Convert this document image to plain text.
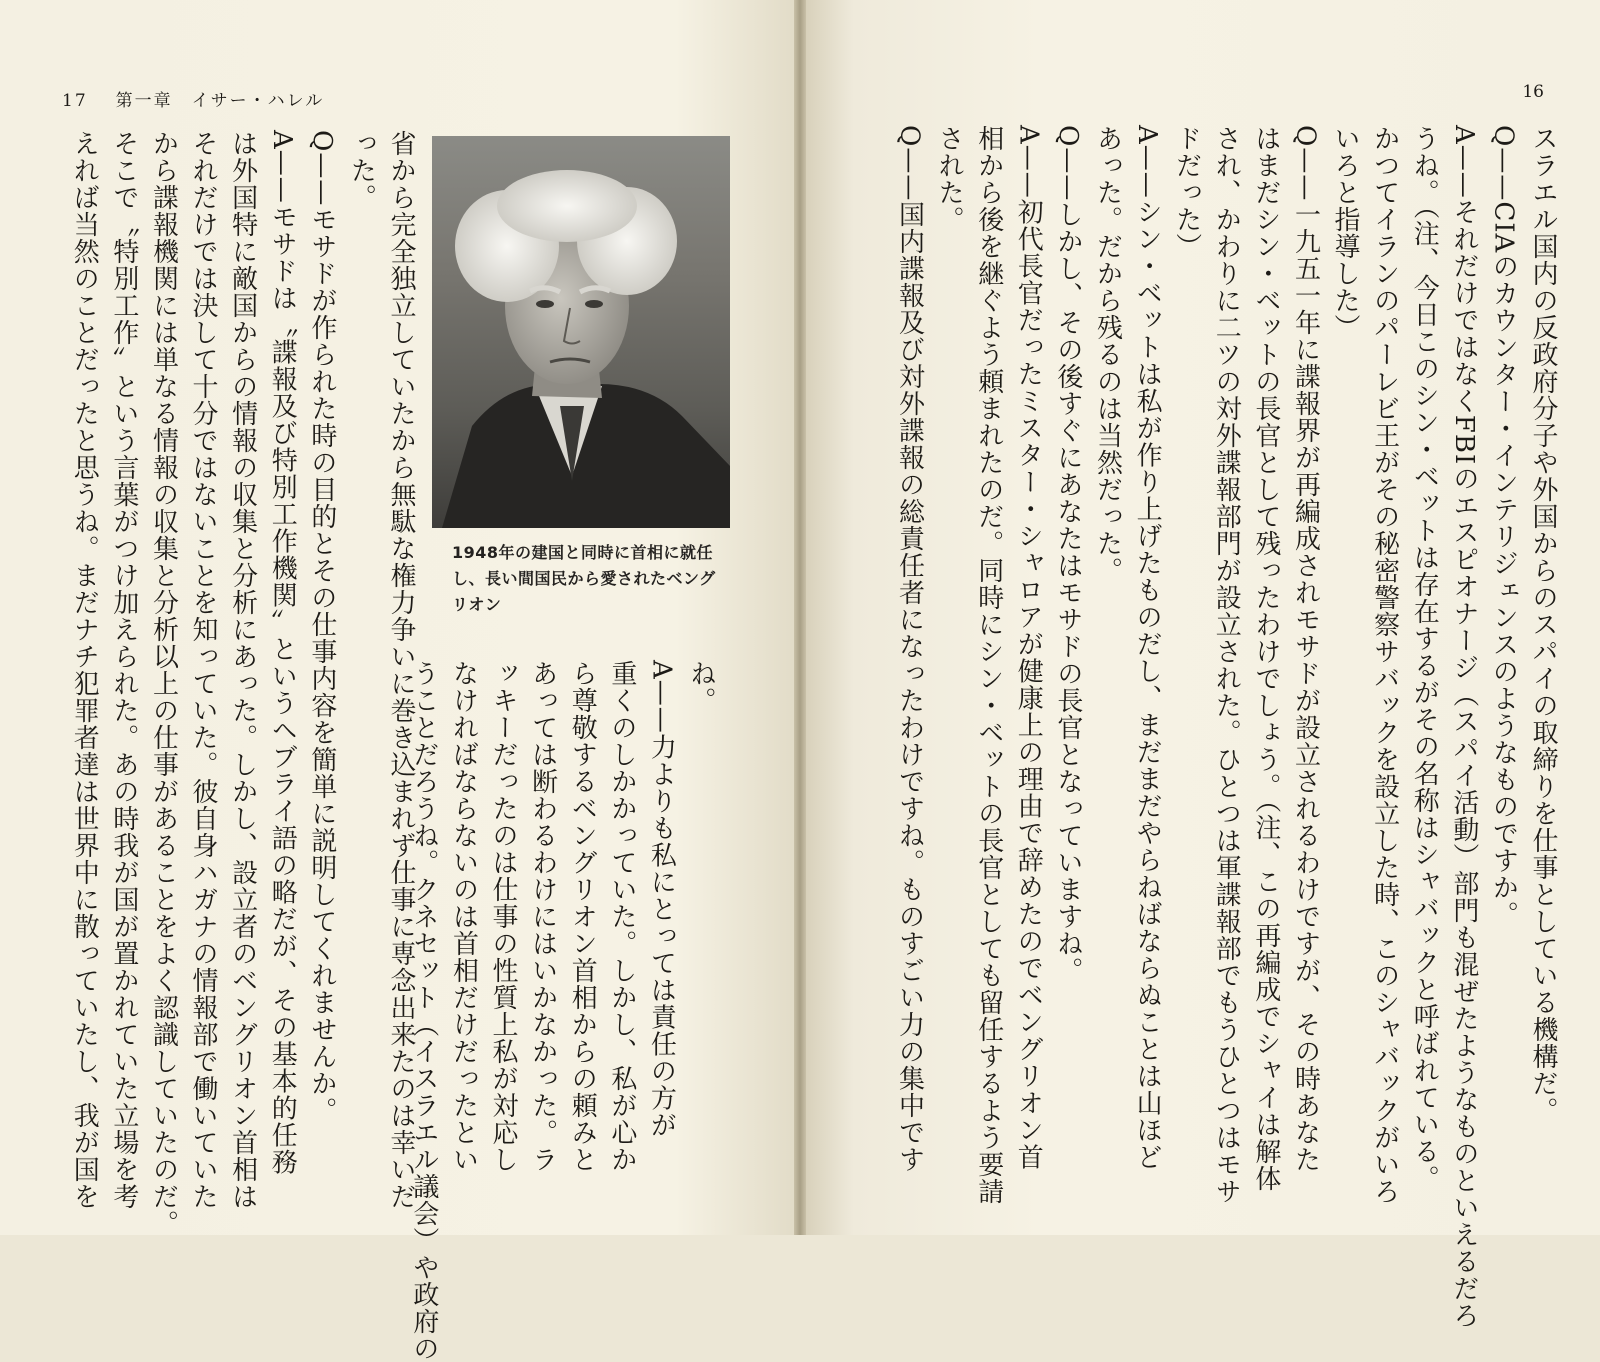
17 第一章　イサー・ハレル
1948年の建国と同時に首相に就任し、長い間国民から愛されたベングリオン
ね。
A——力よりも私にとっては責任の方が
重くのしかかっていた。しかし、私が心か
ら尊敬するベングリオン首相からの頼みと
あっては断わるわけにはいかなかった。ラ
ッキーだったのは仕事の性質上私が対応し
なければならないのは首相だけだったとい
うことだろうね。クネセット（イスラエル議会）や政府の
省から完全独立していたから無駄な権力争いに巻き込まれず仕事に専念出来たのは幸いだ
った。
Q——モサドが作られた時の目的とその仕事内容を簡単に説明してくれませんか。
A——モサドは〝諜報及び特別工作機関〟というヘブライ語の略だが、その基本的任務
は外国特に敵国からの情報の収集と分析にあった。しかし、設立者のベングリオン首相は
それだけでは決して十分ではないことを知っていた。彼自身ハガナの情報部で働いていた
から諜報機関には単なる情報の収集と分析以上の仕事があることをよく認識していたのだ。
そこで〝特別工作〟という言葉がつけ加えられた。あの時我が国が置かれていた立場を考
えれば当然のことだったと思うね。まだナチ犯罪者達は世界中に散っていたし、我が国を
16
スラエル国内の反政府分子や外国からのスパイの取締りを仕事としている機構だ。
Q——CIAのカウンター・インテリジェンスのようなものですか。
A——それだけではなくFBIのエスピオナージ（スパイ活動）部門も混ぜたようなものといえるだろ
うね。（注、今日このシン・ベットは存在するがその名称はシャバックと呼ばれている。
かつてイランのパーレビ王がその秘密警察サバックを設立した時、このシャバックがいろ
いろと指導した）
Q——一九五一年に諜報界が再編成されモサドが設立されるわけですが、その時あなた
はまだシン・ベットの長官として残ったわけでしょう。（注、この再編成でシャイは解体
され、かわりに二ツの対外諜報部門が設立された。ひとつは軍諜報部でもうひとつはモサ
ドだった）
A——シン・ベットは私が作り上げたものだし、まだまだやらねばならぬことは山ほど
あった。だから残るのは当然だった。
Q——しかし、その後すぐにあなたはモサドの長官となっていますね。
A——初代長官だったミスター・シャロアが健康上の理由で辞めたのでベングリオン首
相から後を継ぐよう頼まれたのだ。同時にシン・ベットの長官としても留任するよう要請
された。
Q——国内諜報及び対外諜報の総責任者になったわけですね。ものすごい力の集中です
